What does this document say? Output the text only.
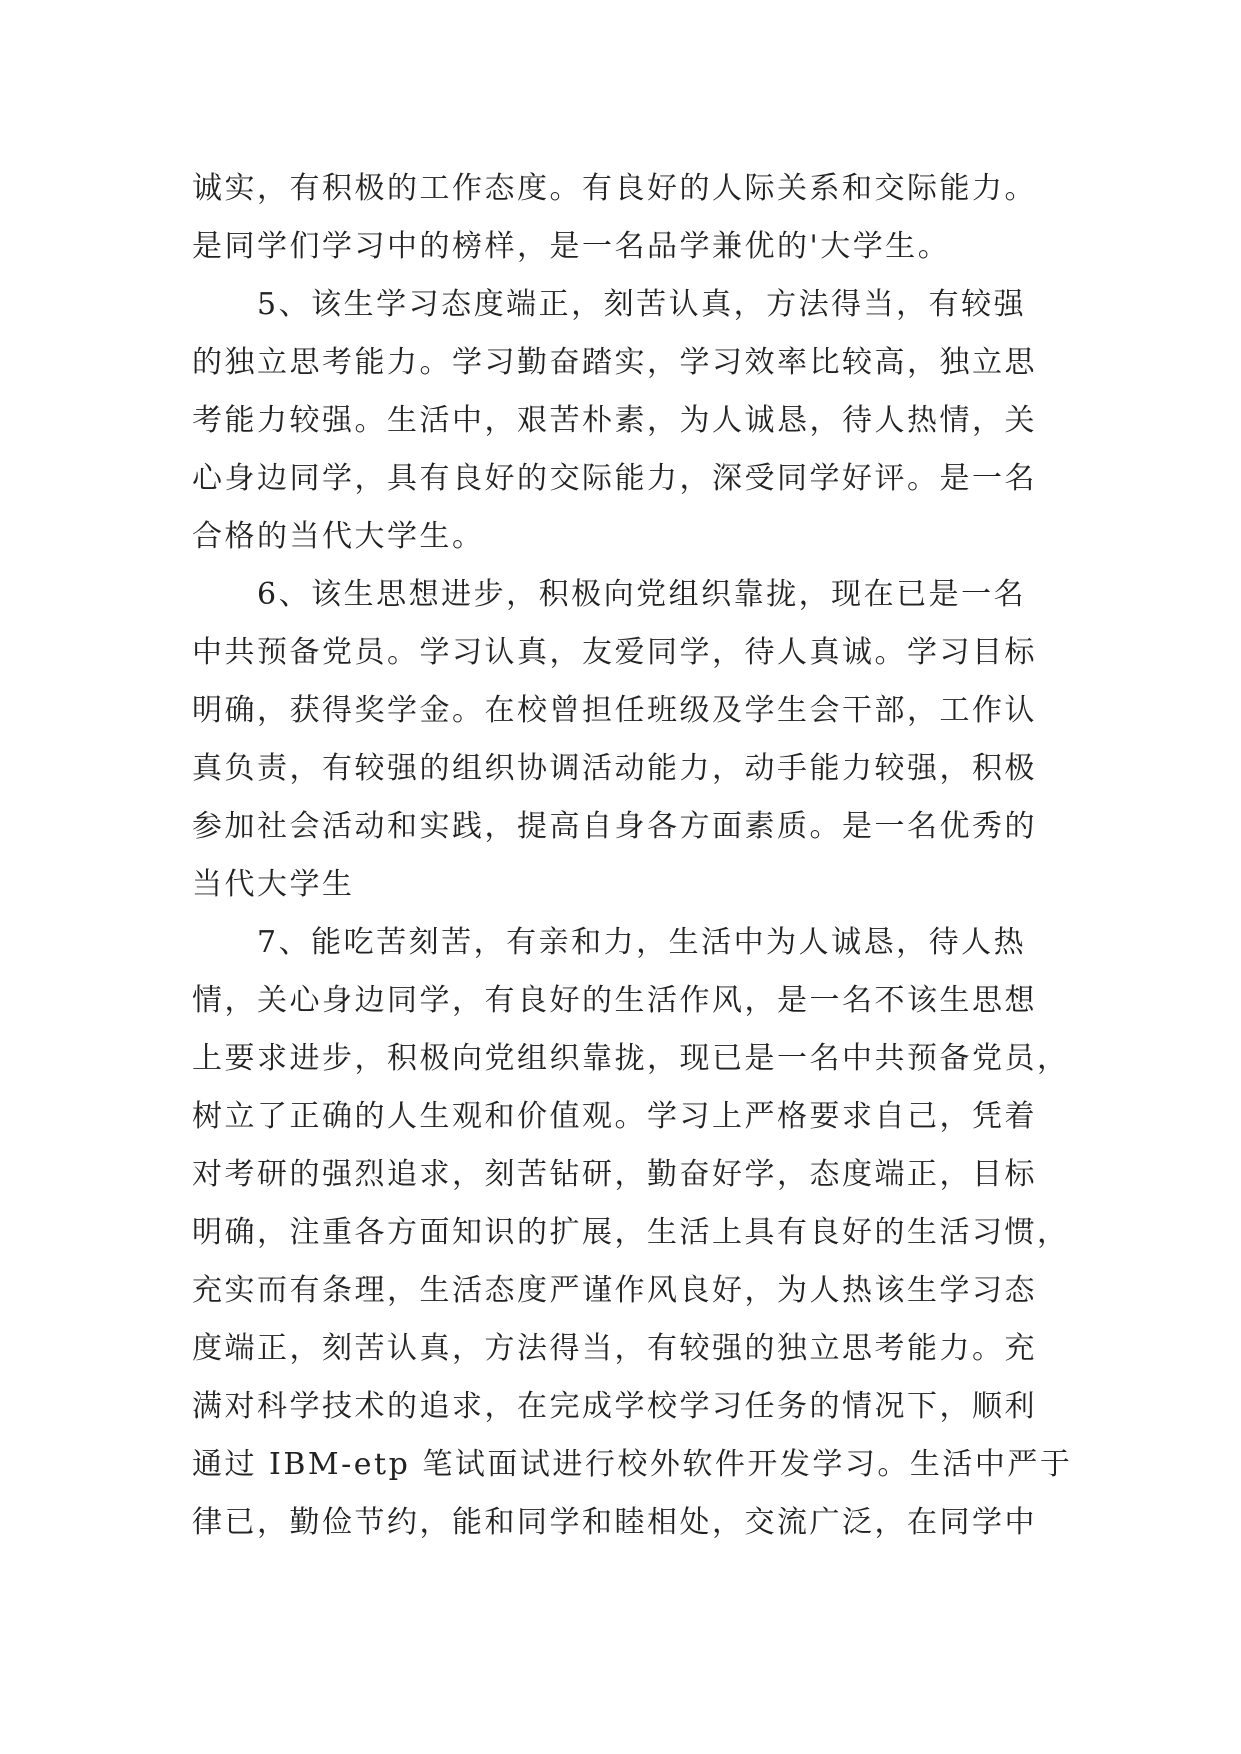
诚实，有积极的工作态度。有良好的人际关系和交际能力。
是同学们学习中的榜样，是一名品学兼优的'大学生。
　　5、该生学习态度端正，刻苦认真，方法得当，有较强
的独立思考能力。学习勤奋踏实，学习效率比较高，独立思
考能力较强。生活中，艰苦朴素，为人诚恳，待人热情，关
心身边同学，具有良好的交际能力，深受同学好评。是一名
合格的当代大学生。
　　6、该生思想进步，积极向党组织靠拢，现在已是一名
中共预备党员。学习认真，友爱同学，待人真诚。学习目标
明确，获得奖学金。在校曾担任班级及学生会干部，工作认
真负责，有较强的组织协调活动能力，动手能力较强，积极
参加社会活动和实践，提高自身各方面素质。是一名优秀的
当代大学生
　　7、能吃苦刻苦，有亲和力，生活中为人诚恳，待人热
情，关心身边同学，有良好的生活作风，是一名不该生思想
上要求进步，积极向党组织靠拢，现已是一名中共预备党员，
树立了正确的人生观和价值观。学习上严格要求自己，凭着
对考研的强烈追求，刻苦钻研，勤奋好学，态度端正，目标
明确，注重各方面知识的扩展，生活上具有良好的生活习惯，
充实而有条理，生活态度严谨作风良好，为人热该生学习态
度端正，刻苦认真，方法得当，有较强的独立思考能力。充
满对科学技术的追求，在完成学校学习任务的情况下，顺利
通过 IBM-etp 笔试面试进行校外软件开发学习。生活中严于
律已，勤俭节约，能和同学和睦相处，交流广泛，在同学中
